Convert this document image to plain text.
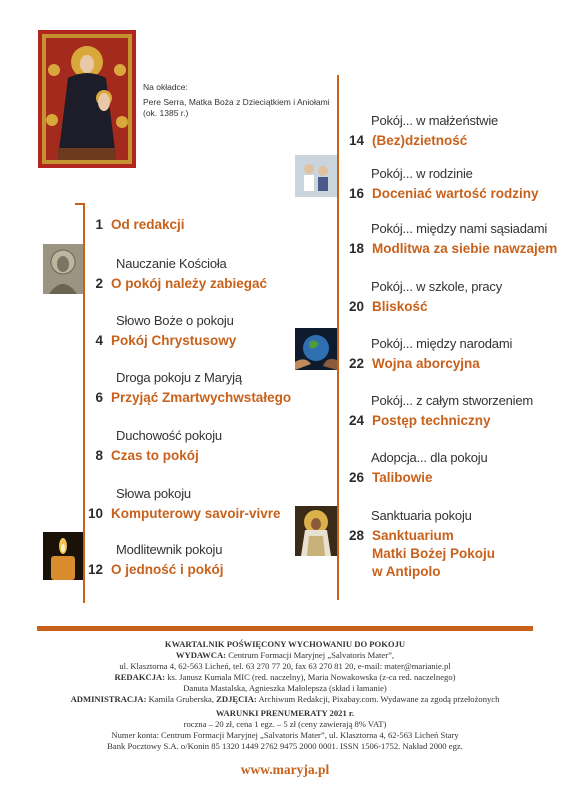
Na okładce:
Pere Serra, Matka Boża z Dzieciątkiem i Aniołami
(ok. 1385 r.)
1 Od redakcji
Nauczanie Kościoła
2 O pokój należy zabiegać
Słowo Boże o pokoju
4 Pokój Chrystusowy
Droga pokoju z Maryją
6 Przyjąć Zmartwychwstałego
Duchowość pokoju
8 Czas to pokój
Słowa pokoju
10 Komputerowy savoir-vivre
Modlitewnik pokoju
12 O jedność i pokój
Pokój... w małżeństwie
14 (Bez)dzietność
Pokój... w rodzinie
16 Doceniać wartość rodziny
Pokój... między nami sąsiadami
18 Modlitwa za siebie nawzajem
Pokój... w szkole, pracy
20 Bliskość
Pokój... między narodami
22 Wojna aborcyjna
Pokój... z całym stworzeniem
24 Postęp techniczny
Adopcja... dla pokoju
26 Talibowie
Sanktuaria pokoju
28 Sanktuarium
Matki Bożej Pokoju
w Antipolo
KWARTALNIK POŚWIĘCONY WYCHOWANIU DO POKOJU
WYDAWCA: Centrum Formacji Maryjnej „Salvatoris Mater”,
ul. Klasztorna 4, 62-563 Licheń, tel. 63 270 77 20, fax 63 270 81 20, e-mail: mater@marianie.pl
REDAKCJA: ks. Janusz Kumala MIC (red. naczelny), Maria Nowakowska (z-ca red. naczelnego)
Danuta Mastalska, Agnieszka Małolepsza (skład i łamanie)
ADMINISTRACJA: Kamila Gruberska, ZDJĘCIA: Archiwum Redakcji, Pixabay.com. Wydawane za zgodą przełożonych
WARUNKI PRENUMERATY 2021 r.
roczna – 20 zł, cena 1 egz. – 5 zł (ceny zawierają 8% VAT)
Numer konta: Centrum Formacji Maryjnej „Salvatoris Mater”, ul. Klasztorna 4, 62-563 Licheń Stary
Bank Pocztowy S.A. o/Konin 85 1320 1449 2762 9475 2000 0001. ISSN 1506-1752. Nakład 2000 egz.
www.maryja.pl
